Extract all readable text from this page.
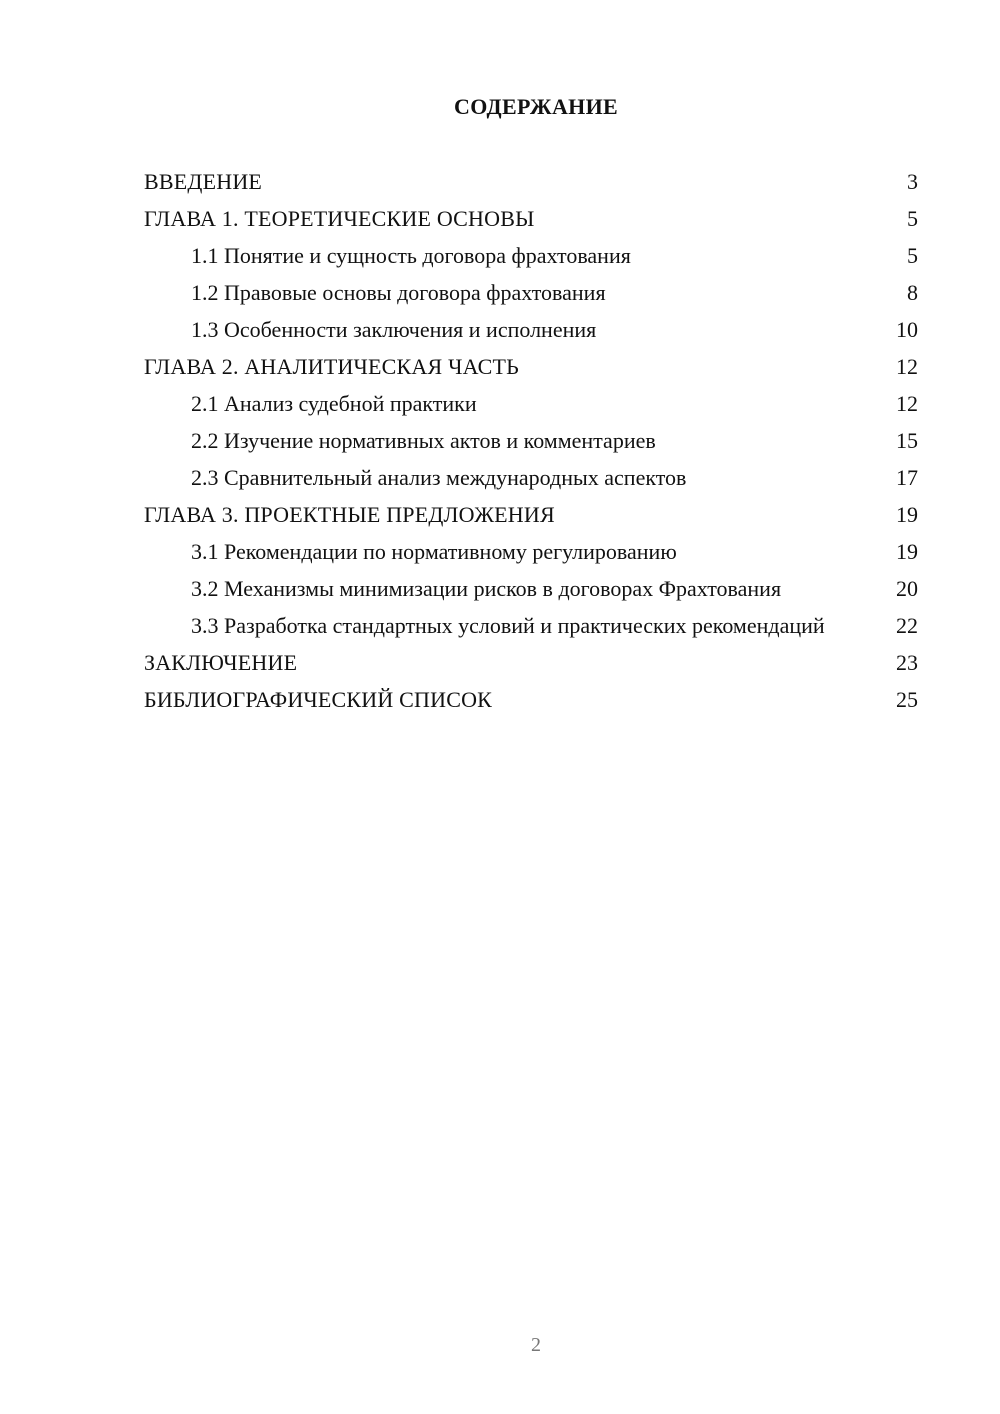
СОДЕРЖАНИЕ
ВВЕДЕНИЕ	3
ГЛАВА 1. ТЕОРЕТИЧЕСКИЕ ОСНОВЫ	5
1.1 Понятие и сущность договора фрахтования	5
1.2 Правовые основы договора фрахтования	8
1.3 Особенности заключения и исполнения	10
ГЛАВА 2. АНАЛИТИЧЕСКАЯ ЧАСТЬ	12
2.1 Анализ судебной практики	12
2.2 Изучение нормативных актов и комментариев	15
2.3 Сравнительный анализ международных аспектов	17
ГЛАВА 3. ПРОЕКТНЫЕ ПРЕДЛОЖЕНИЯ	19
3.1 Рекомендации по нормативному регулированию	19
3.2 Механизмы минимизации рисков в договорах Фрахтования	20
3.3 Разработка стандартных условий и практических рекомендаций	22
ЗАКЛЮЧЕНИЕ	23
БИБЛИОГРАФИЧЕСКИЙ СПИСОК	25
2
